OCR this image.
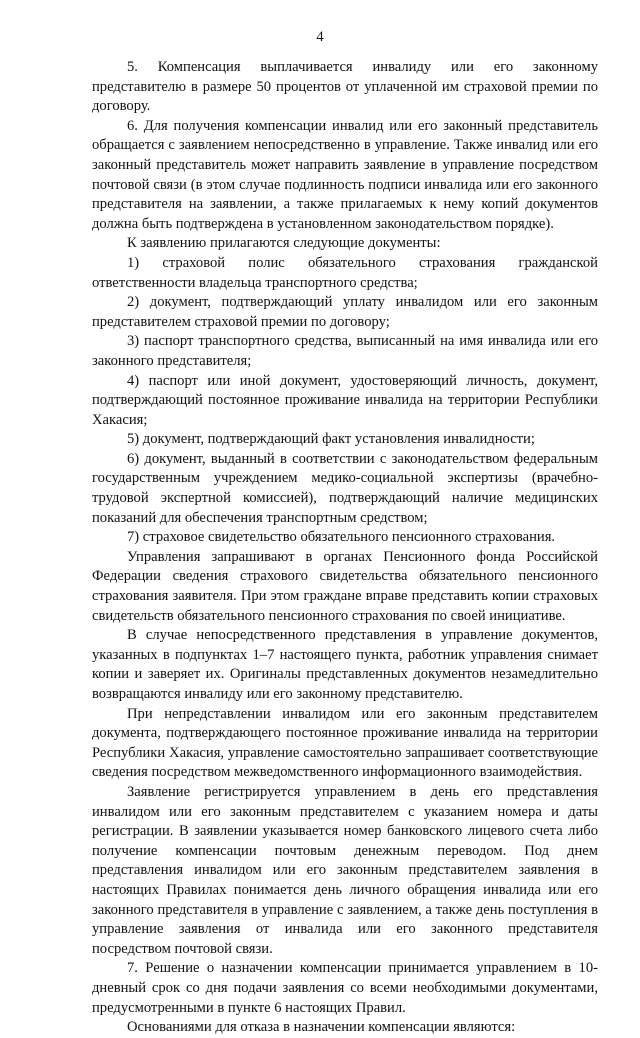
4

5. Компенсация выплачивается инвалиду или его законному представителю в размере 50 процентов от уплаченной им страховой премии по договору.

6. Для получения компенсации инвалид или его законный представитель обращается с заявлением непосредственно в управление. Также инвалид или его законный представитель может направить заявление в управление посредством почтовой связи (в этом случае подлинность подписи инвалида или его законного представителя на заявлении, а также прилагаемых к нему копий документов должна быть подтверждена в установленном законодательством порядке).

К заявлению прилагаются следующие документы:

1) страховой полис обязательного страхования гражданской ответственности владельца транспортного средства;

2) документ, подтверждающий уплату инвалидом или его законным представителем страховой премии по договору;

3) паспорт транспортного средства, выписанный на имя инвалида или его законного представителя;

4) паспорт или иной документ, удостоверяющий личность, документ, подтверждающий постоянное проживание инвалида на территории Республики Хакасия;

5) документ, подтверждающий факт установления инвалидности;

6) документ, выданный в соответствии с законодательством федеральным государственным учреждением медико-социальной экспертизы (врачебно-трудовой экспертной комиссией), подтверждающий наличие медицинских показаний для обеспечения транспортным средством;

7) страховое свидетельство обязательного пенсионного страхования.

Управления запрашивают в органах Пенсионного фонда Российской Федерации сведения страхового свидетельства обязательного пенсионного страхования заявителя. При этом граждане вправе представить копии страховых свидетельств обязательного пенсионного страхования по своей инициативе.

В случае непосредственного представления в управление документов, указанных в подпунктах 1–7 настоящего пункта, работник управления снимает копии и заверяет их. Оригиналы представленных документов незамедлительно возвращаются инвалиду или его законному представителю.

При непредставлении инвалидом или его законным представителем документа, подтверждающего постоянное проживание инвалида на территории Республики Хакасия, управление самостоятельно запрашивает соответствующие сведения посредством межведомственного информационного взаимодействия.

Заявление регистрируется управлением в день его представления инвалидом или его законным представителем с указанием номера и даты регистрации. В заявлении указывается номер банковского лицевого счета либо получение компенсации почтовым денежным переводом. Под днем представления инвалидом или его законным представителем заявления в настоящих Правилах понимается день личного обращения инвалида или его законного представителя в управление с заявлением, а также день поступления в управление заявления от инвалида или его законного представителя посредством почтовой связи.

7. Решение о назначении компенсации принимается управлением в 10-дневный срок со дня подачи заявления со всеми необходимыми документами, предусмотренными в пункте 6 настоящих Правил.

Основаниями для отказа в назначении компенсации являются:
